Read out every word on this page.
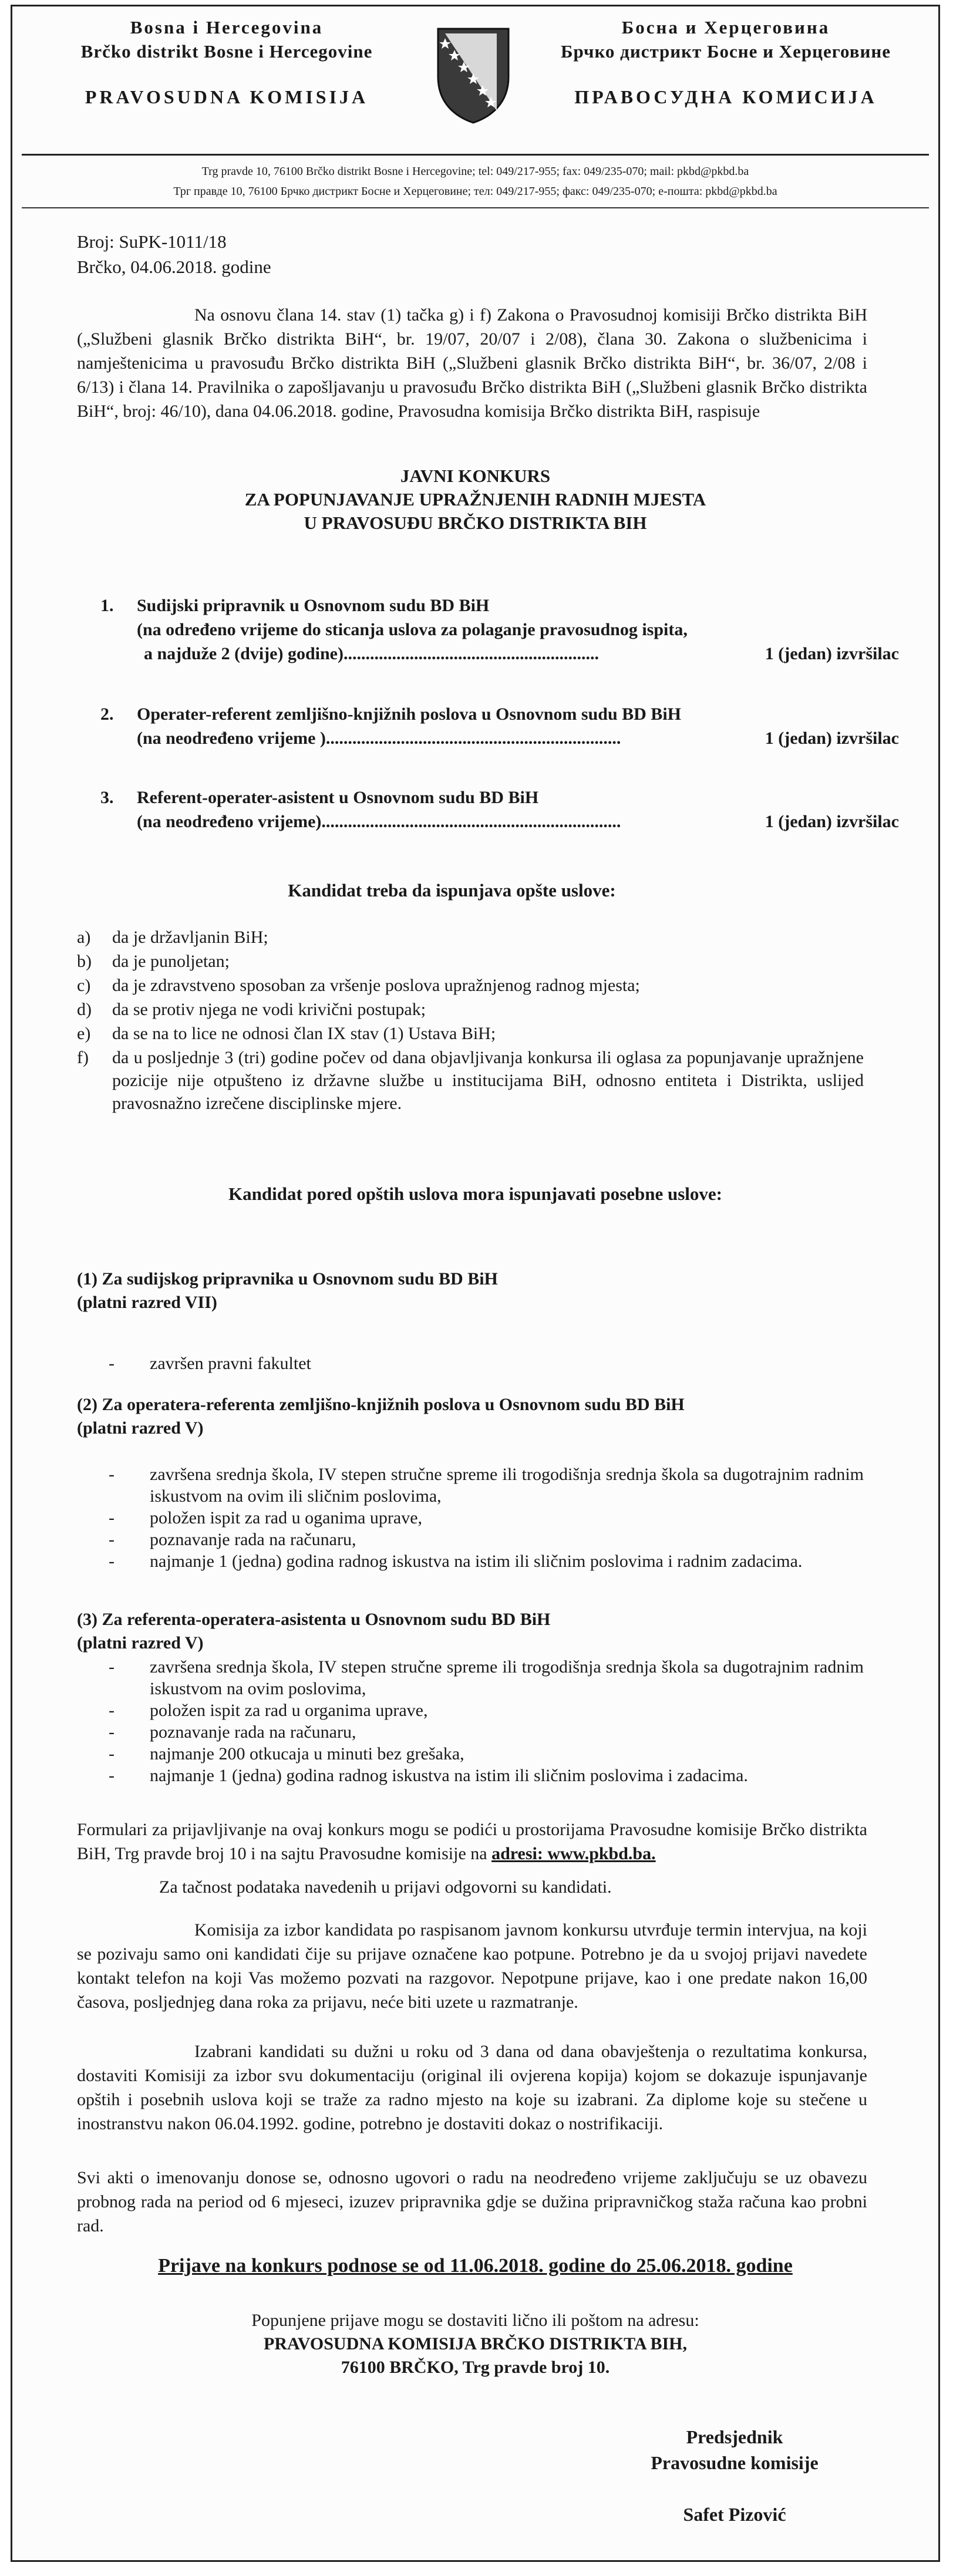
Bosna i Hercegovina
Brčko distrikt Bosne i Hercegovine
PRAVOSUDNA KOMISIJA
Босна и Херцеговина
Брчко дистрикт Босне и Херцеговине
ПРАВОСУДНА КОМИСИЈА
Trg pravde 10, 76100 Brčko distrikt Bosne i Hercegovine; tel: 049/217-955; fax: 049/235-070; mail: pkbd@pkbd.ba
Трг правде 10, 76100 Брчко дистрикт Босне и Херцеговине; тел: 049/217-955; факс: 049/235-070; е-пошта: pkbd@pkbd.ba
Broj: SuPK-1011/18
Brčko, 04.06.2018. godine
Na osnovu člana 14. stav (1) tačka g) i f) Zakona o Pravosudnoj komisiji Brčko distrikta BiH („Službeni glasnik Brčko distrikta BiH“, br. 19/07, 20/07 i 2/08), člana 30. Zakona o službenicima i namještenicima u pravosuđu Brčko distrikta BiH („Službeni glasnik Brčko distrikta BiH“, br. 36/07, 2/08 i 6/13) i člana 14. Pravilnika o zapošljavanju u pravosuđu Brčko distrikta BiH („Službeni glasnik Brčko distrikta BiH“, broj: 46/10), dana 04.06.2018. godine, Pravosudna komisija Brčko distrikta BiH, raspisuje
JAVNI KONKURS
ZA POPUNJAVANJE UPRAŽNJENIH RADNIH MJESTA
U PRAVOSUĐU BRČKO DISTRIKTA BIH
1. Sudijski pripravnik u Osnovnom sudu BD BiH
(na određeno vrijeme do sticanja uslova za polaganje pravosudnog ispita,
a najduže 2 (dvije) godine)..........................................................	1 (jedan) izvršilac
2. Operater-referent zemljišno-knjižnih poslova u Osnovnom sudu BD BiH
(na neodređeno vrijeme )...................................................................	1 (jedan) izvršilac
3. Referent-operater-asistent u Osnovnom sudu BD BiH
(na neodređeno vrijeme)....................................................................	1 (jedan) izvršilac
Kandidat treba da ispunjava opšte uslove:
a) da je državljanin BiH;
b) da je punoljetan;
c) da je zdravstveno sposoban za vršenje poslova upražnjenog radnog mjesta;
d) da se protiv njega ne vodi krivični postupak;
e) da se na to lice ne odnosi član IX stav (1) Ustava BiH;
f) da u posljednje 3 (tri) godine počev od dana objavljivanja konkursa ili oglasa za popunjavanje upražnjene pozicije nije otpušteno iz državne službe u institucijama BiH, odnosno entiteta i Distrikta, uslijed pravosnažno izrečene disciplinske mjere.
Kandidat pored opštih uslova mora ispunjavati posebne uslove:
(1) Za sudijskog pripravnika u Osnovnom sudu BD BiH
(platni razred VII)
- završen pravni fakultet
(2) Za operatera-referenta zemljišno-knjižnih poslova u Osnovnom sudu BD BiH
(platni razred V)
- završena srednja škola, IV stepen stručne spreme ili trogodišnja srednja škola sa dugotrajnim radnim iskustvom na ovim ili sličnim poslovima,
- položen ispit za rad u oganima uprave,
- poznavanje rada na računaru,
- najmanje 1 (jedna) godina radnog iskustva na istim ili sličnim poslovima i radnim zadacima.
(3) Za referenta-operatera-asistenta u Osnovnom sudu BD BiH
(platni razred V)
- završena srednja škola, IV stepen stručne spreme ili trogodišnja srednja škola sa dugotrajnim radnim iskustvom na ovim poslovima,
- položen ispit za rad u organima uprave,
- poznavanje rada na računaru,
- najmanje 200 otkucaja u minuti bez grešaka,
- najmanje 1 (jedna) godina radnog iskustva na istim ili sličnim poslovima i zadacima.
Formulari za prijavljivanje na ovaj konkurs mogu se podići u prostorijama Pravosudne komisije Brčko distrikta BiH, Trg pravde broj 10 i na sajtu Pravosudne komisije na adresi: www.pkbd.ba.
Za tačnost podataka navedenih u prijavi odgovorni su kandidati.
Komisija za izbor kandidata po raspisanom javnom konkursu utvrđuje termin intervjua, na koji se pozivaju samo oni kandidati čije su prijave označene kao potpune. Potrebno je da u svojoj prijavi navedete kontakt telefon na koji Vas možemo pozvati na razgovor. Nepotpune prijave, kao i one predate nakon 16,00 časova, posljednjeg dana roka za prijavu, neće biti uzete u razmatranje.
Izabrani kandidati su dužni u roku od 3 dana od dana obavještenja o rezultatima konkursa, dostaviti Komisiji za izbor svu dokumentaciju (original ili ovjerena kopija) kojom se dokazuje ispunjavanje opštih i posebnih uslova koji se traže za radno mjesto na koje su izabrani. Za diplome koje su stečene u inostranstvu nakon 06.04.1992. godine, potrebno je dostaviti dokaz o nostrifikaciji.
Svi akti o imenovanju donose se, odnosno ugovori o radu na neodređeno vrijeme zaključuju se uz obavezu probnog rada na period od 6 mjeseci, izuzev pripravnika gdje se dužina pripravničkog staža računa kao probni rad.
Prijave na konkurs podnose se od 11.06.2018. godine do 25.06.2018. godine
Popunjene prijave mogu se dostaviti lično ili poštom na adresu:
PRAVOSUDNA KOMISIJA BRČKO DISTRIKTA BIH,
76100 BRČKO, Trg pravde broj 10.
Predsjednik
Pravosudne komisije
Safet Pizović
